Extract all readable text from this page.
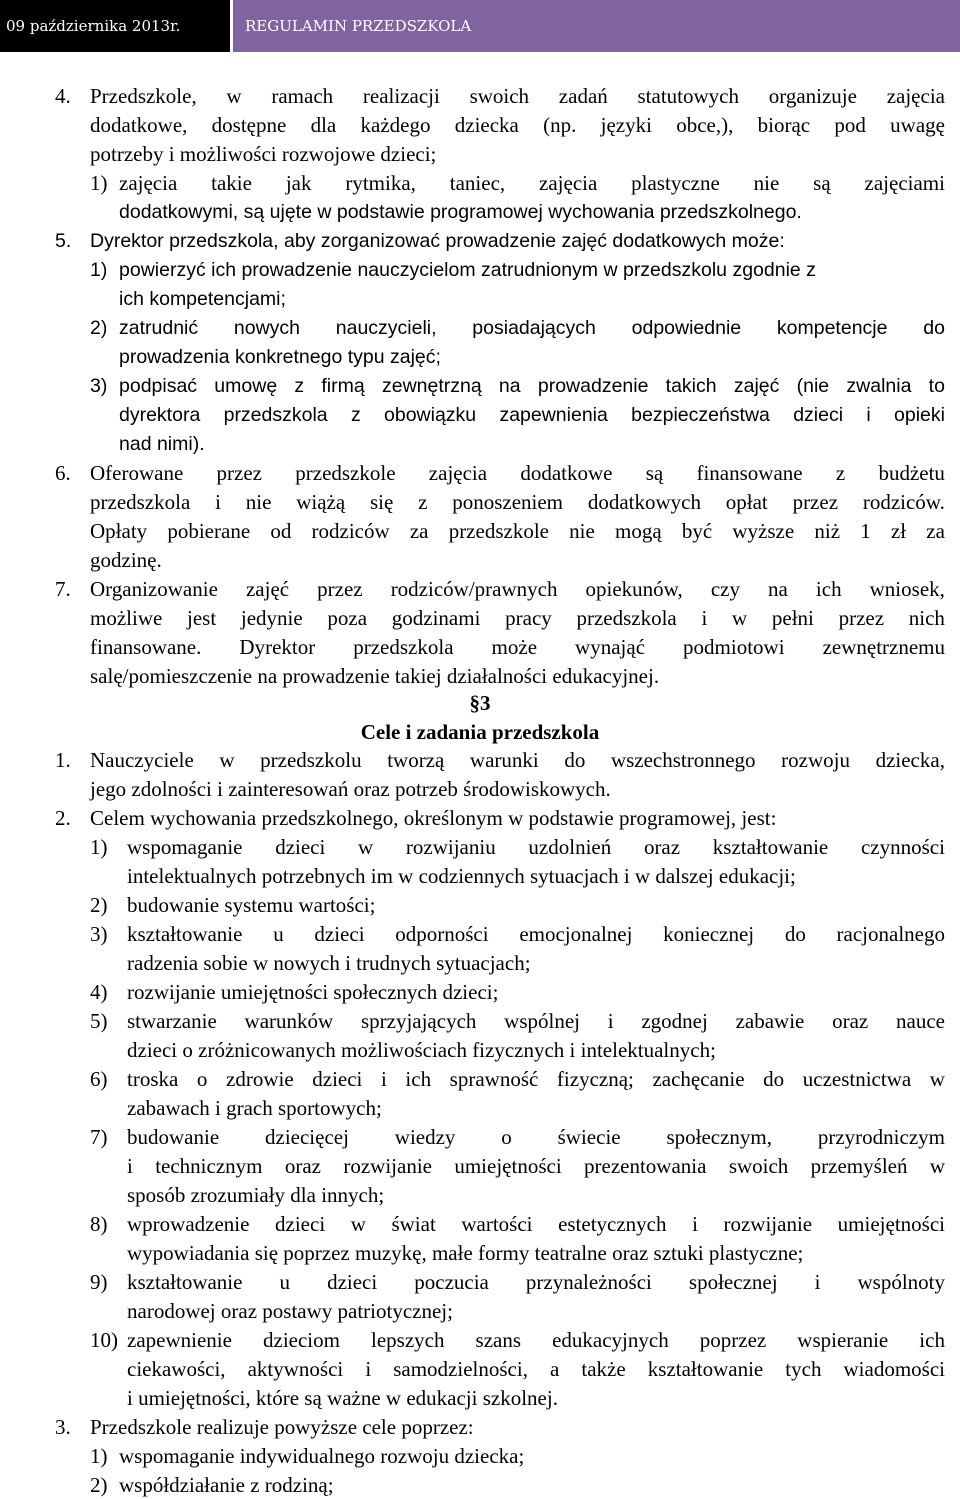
09 października 2013r.	REGULAMIN PRZEDSZKOLA
4. Przedszkole, w ramach realizacji swoich zadań statutowych organizuje zajęcia
dodatkowe, dostępne dla każdego dziecka (np. języki obce,), biorąc pod uwagę
potrzeby i możliwości rozwojowe dzieci;
1) zajęcia takie jak rytmika, taniec, zajęcia plastyczne nie są zajęciami
dodatkowymi, są ujęte w podstawie programowej wychowania przedszkolnego.
5. Dyrektor przedszkola, aby zorganizować prowadzenie zajęć dodatkowych może:
1) powierzyć ich prowadzenie nauczycielom zatrudnionym w przedszkolu zgodnie z
ich kompetencjami;
2) zatrudnić nowych nauczycieli, posiadających odpowiednie kompetencje do
prowadzenia konkretnego typu zajęć;
3) podpisać umowę z firmą zewnętrzną na prowadzenie takich zajęć (nie zwalnia to
dyrektora przedszkola z obowiązku zapewnienia bezpieczeństwa dzieci i opieki
nad nimi).
6. Oferowane przez przedszkole zajęcia dodatkowe są finansowane z budżetu
przedszkola i nie wiążą się z ponoszeniem dodatkowych opłat przez rodziców.
Opłaty pobierane od rodziców za przedszkole nie mogą być wyższe niż 1 zł za
godzinę.
7. Organizowanie zajęć przez rodziców/prawnych opiekunów, czy na ich wniosek,
możliwe jest jedynie poza godzinami pracy przedszkola i w pełni przez nich
finansowane. Dyrektor przedszkola może wynająć podmiotowi zewnętrznemu
salę/pomieszczenie na prowadzenie takiej działalności edukacyjnej.
§3
Cele i zadania przedszkola
1. Nauczyciele w przedszkolu tworzą warunki do wszechstronnego rozwoju dziecka,
jego zdolności i zainteresowań oraz potrzeb środowiskowych.
2. Celem wychowania przedszkolnego, określonym w podstawie programowej, jest:
1) wspomaganie dzieci w rozwijaniu uzdolnień oraz kształtowanie czynności
intelektualnych potrzebnych im w codziennych sytuacjach i w dalszej edukacji;
2) budowanie systemu wartości;
3) kształtowanie u dzieci odporności emocjonalnej koniecznej do racjonalnego
radzenia sobie w nowych i trudnych sytuacjach;
4) rozwijanie umiejętności społecznych dzieci;
5) stwarzanie warunków sprzyjających wspólnej i zgodnej zabawie oraz nauce
dzieci o zróżnicowanych możliwościach fizycznych i intelektualnych;
6) troska o zdrowie dzieci i ich sprawność fizyczną; zachęcanie do uczestnictwa w
zabawach i grach sportowych;
7) budowanie dziecięcej wiedzy o świecie społecznym, przyrodniczym
i technicznym oraz rozwijanie umiejętności prezentowania swoich przemyśleń w
sposób zrozumiały dla innych;
8) wprowadzenie dzieci w świat wartości estetycznych i rozwijanie umiejętności
wypowiadania się poprzez muzykę, małe formy teatralne oraz sztuki plastyczne;
9) kształtowanie u dzieci poczucia przynależności społecznej i wspólnoty
narodowej oraz postawy patriotycznej;
10) zapewnienie dzieciom lepszych szans edukacyjnych poprzez wspieranie ich
ciekawości, aktywności i samodzielności, a także kształtowanie tych wiadomości
i umiejętności, które są ważne w edukacji szkolnej.
3. Przedszkole realizuje powyższe cele poprzez:
1) wspomaganie indywidualnego rozwoju dziecka;
2) współdziałanie z rodziną;
